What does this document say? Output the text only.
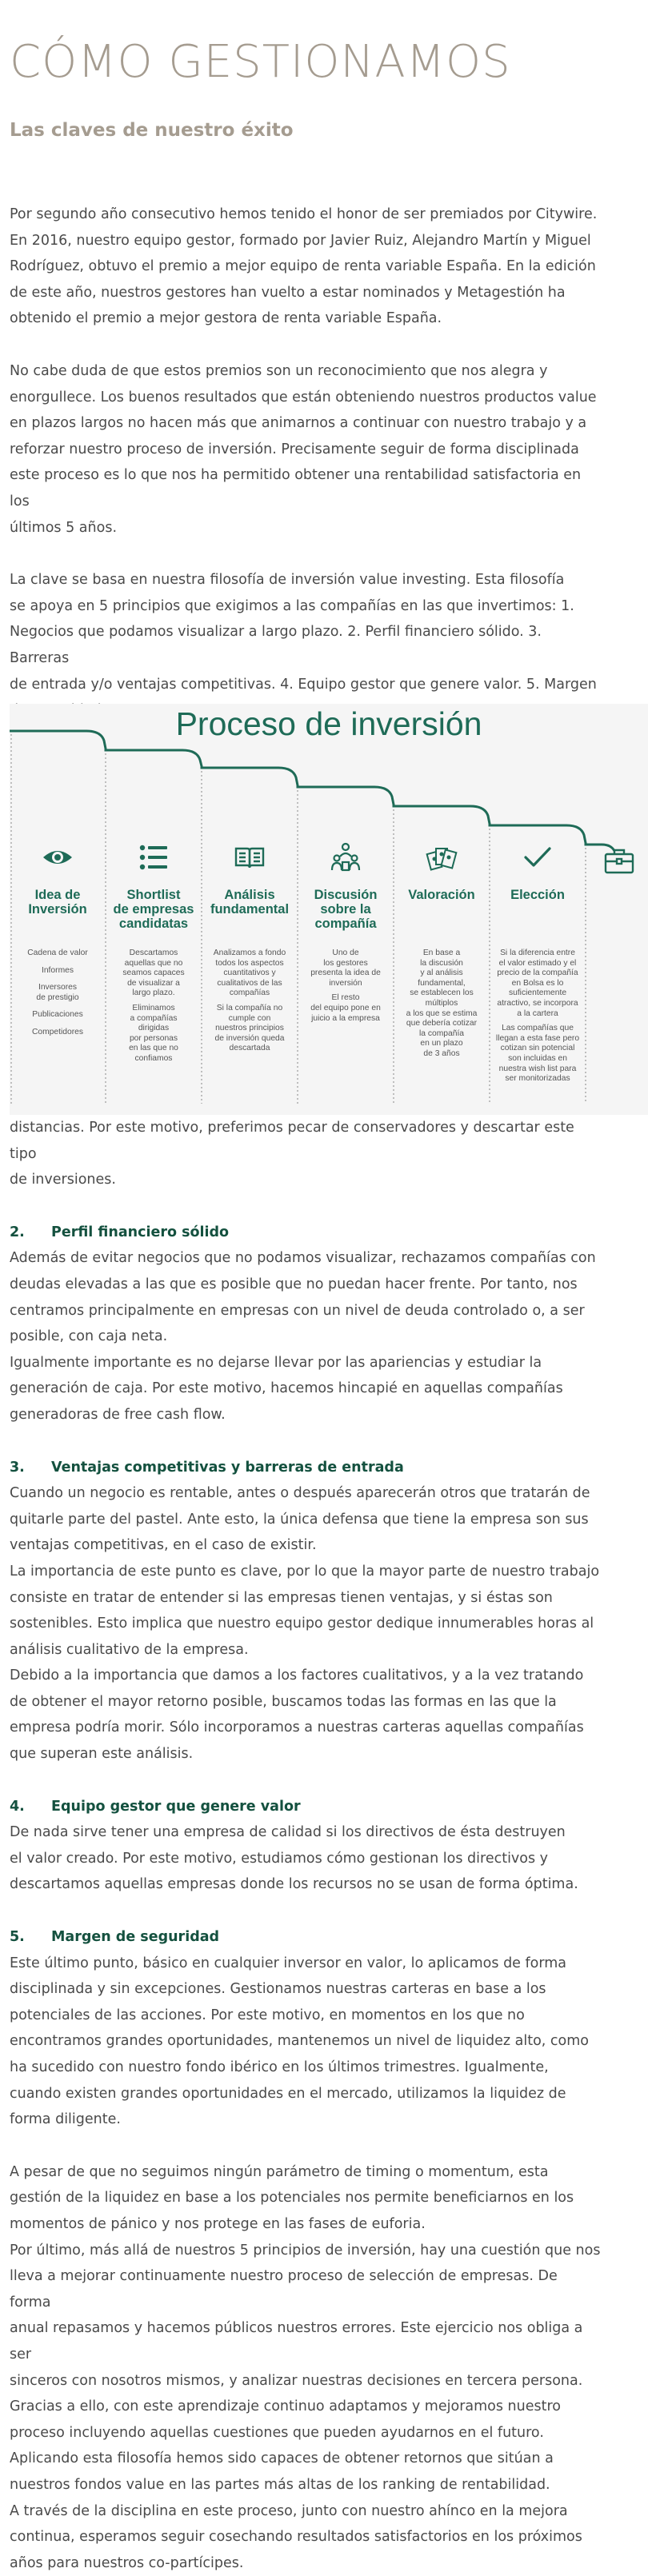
CÓMO GESTIONAMOS
Las claves de nuestro éxito

Por segundo año consecutivo hemos tenido el honor de ser premiados por Citywire.
En 2016, nuestro equipo gestor, formado por Javier Ruiz, Alejandro Martín y Miguel
Rodríguez, obtuvo el premio a mejor equipo de renta variable España. En la edición
de este año, nuestros gestores han vuelto a estar nominados y Metagestión ha
obtenido el premio a mejor gestora de renta variable España.

No cabe duda de que estos premios son un reconocimiento que nos alegra y
enorgullece. Los buenos resultados que están obteniendo nuestros productos value
en plazos largos no hacen más que animarnos a continuar con nuestro trabajo y a
reforzar nuestro proceso de inversión. Precisamente seguir de forma disciplinada
este proceso es lo que nos ha permitido obtener una rentabilidad satisfactoria en los
últimos 5 años.

La clave se basa en nuestra filosofía de inversión value investing. Esta filosofía
se apoya en 5 principios que exigimos a las compañías en las que invertimos: 1.
Negocios que podamos visualizar a largo plazo. 2. Perfil financiero sólido. 3. Barreras
de entrada y/o ventajas competitivas. 4. Equipo gestor que genere valor. 5. Margen

Proceso de inversión
Idea de
Inversión

Cadena de valor

Informes

Inversores
de prestigio

Publicaciones

Competidores

Shortlist
de empresas
candidatas

Descartamos
aquellas que no
seamos capaces
de visualizar a
largo plazo.

Eliminamos
a compañías
dirigidas
por personas
en las que no
confiamos

Análisis
fundamental

Analizamos a fondo
todos los aspectos
cuantitativos y
cualitativos de las
compañías

Si la compañía no
cumple con
nuestros principios
de inversión queda
descartada

Discusión
sobre la
compañía

Uno de
los gestores
presenta la idea de
inversión

El resto
del equipo pone en
juicio a la empresa

Valoración

En base a
la discusión
y al análisis
fundamental,
se establecen los
múltiplos
a los que se estima
que debería cotizar
la compañía
en un plazo
de 3 años

Elección

Si la diferencia entre
el valor estimado y el
precio de la compañía
en Bolsa es lo
suficientemente
atractivo, se incorpora
a la cartera

Las compañías que
llegan a esta fase pero
cotizan sin potencial
son incluidas en
nuestra wish list para
ser monitorizadas

distancias. Por este motivo, preferimos pecar de conservadores y descartar este tipo
de inversiones.

2. Perfil financiero sólido

Además de evitar negocios que no podamos visualizar, rechazamos compañías con
deudas elevadas a las que es posible que no puedan hacer frente. Por tanto, nos
centramos principalmente en empresas con un nivel de deuda controlado o, a ser
posible, con caja neta.

Igualmente importante es no dejarse llevar por las apariencias y estudiar la
generación de caja. Por este motivo, hacemos hincapié en aquellas compañías
generadoras de free cash flow.

3. Ventajas competitivas y barreras de entrada

Cuando un negocio es rentable, antes o después aparecerán otros que tratarán de
quitarle parte del pastel. Ante esto, la única defensa que tiene la empresa son sus
ventajas competitivas, en el caso de existir.

La importancia de este punto es clave, por lo que la mayor parte de nuestro trabajo
consiste en tratar de entender si las empresas tienen ventajas, y si éstas son
sostenibles. Esto implica que nuestro equipo gestor dedique innumerables horas al
análisis cualitativo de la empresa.

Debido a la importancia que damos a los factores cualitativos, y a la vez tratando
de obtener el mayor retorno posible, buscamos todas las formas en las que la
empresa podría morir. Sólo incorporamos a nuestras carteras aquellas compañías
que superan este análisis.

4. Equipo gestor que genere valor

De nada sirve tener una empresa de calidad si los directivos de ésta destruyen
el valor creado. Por este motivo, estudiamos cómo gestionan los directivos y
descartamos aquellas empresas donde los recursos no se usan de forma óptima.

5. Margen de seguridad

Este último punto, básico en cualquier inversor en valor, lo aplicamos de forma
disciplinada y sin excepciones. Gestionamos nuestras carteras en base a los
potenciales de las acciones. Por este motivo, en momentos en los que no
encontramos grandes oportunidades, mantenemos un nivel de liquidez alto, como
ha sucedido con nuestro fondo ibérico en los últimos trimestres. Igualmente,
cuando existen grandes oportunidades en el mercado, utilizamos la liquidez de
forma diligente.

A pesar de que no seguimos ningún parámetro de timing o momentum, esta
gestión de la liquidez en base a los potenciales nos permite beneficiarnos en los
momentos de pánico y nos protege en las fases de euforia.

Por último, más allá de nuestros 5 principios de inversión, hay una cuestión que nos
lleva a mejorar continuamente nuestro proceso de selección de empresas. De forma
anual repasamos y hacemos públicos nuestros errores. Este ejercicio nos obliga a ser
sinceros con nosotros mismos, y analizar nuestras decisiones en tercera persona.

Gracias a ello, con este aprendizaje continuo adaptamos y mejoramos nuestro
proceso incluyendo aquellas cuestiones que pueden ayudarnos en el futuro.

Aplicando esta filosofía hemos sido capaces de obtener retornos que sitúan a
nuestros fondos value en las partes más altas de los ranking de rentabilidad.

A través de la disciplina en este proceso, junto con nuestro ahínco en la mejora
continua, esperamos seguir cosechando resultados satisfactorios en los próximos
años para nuestros co-partícipes.
